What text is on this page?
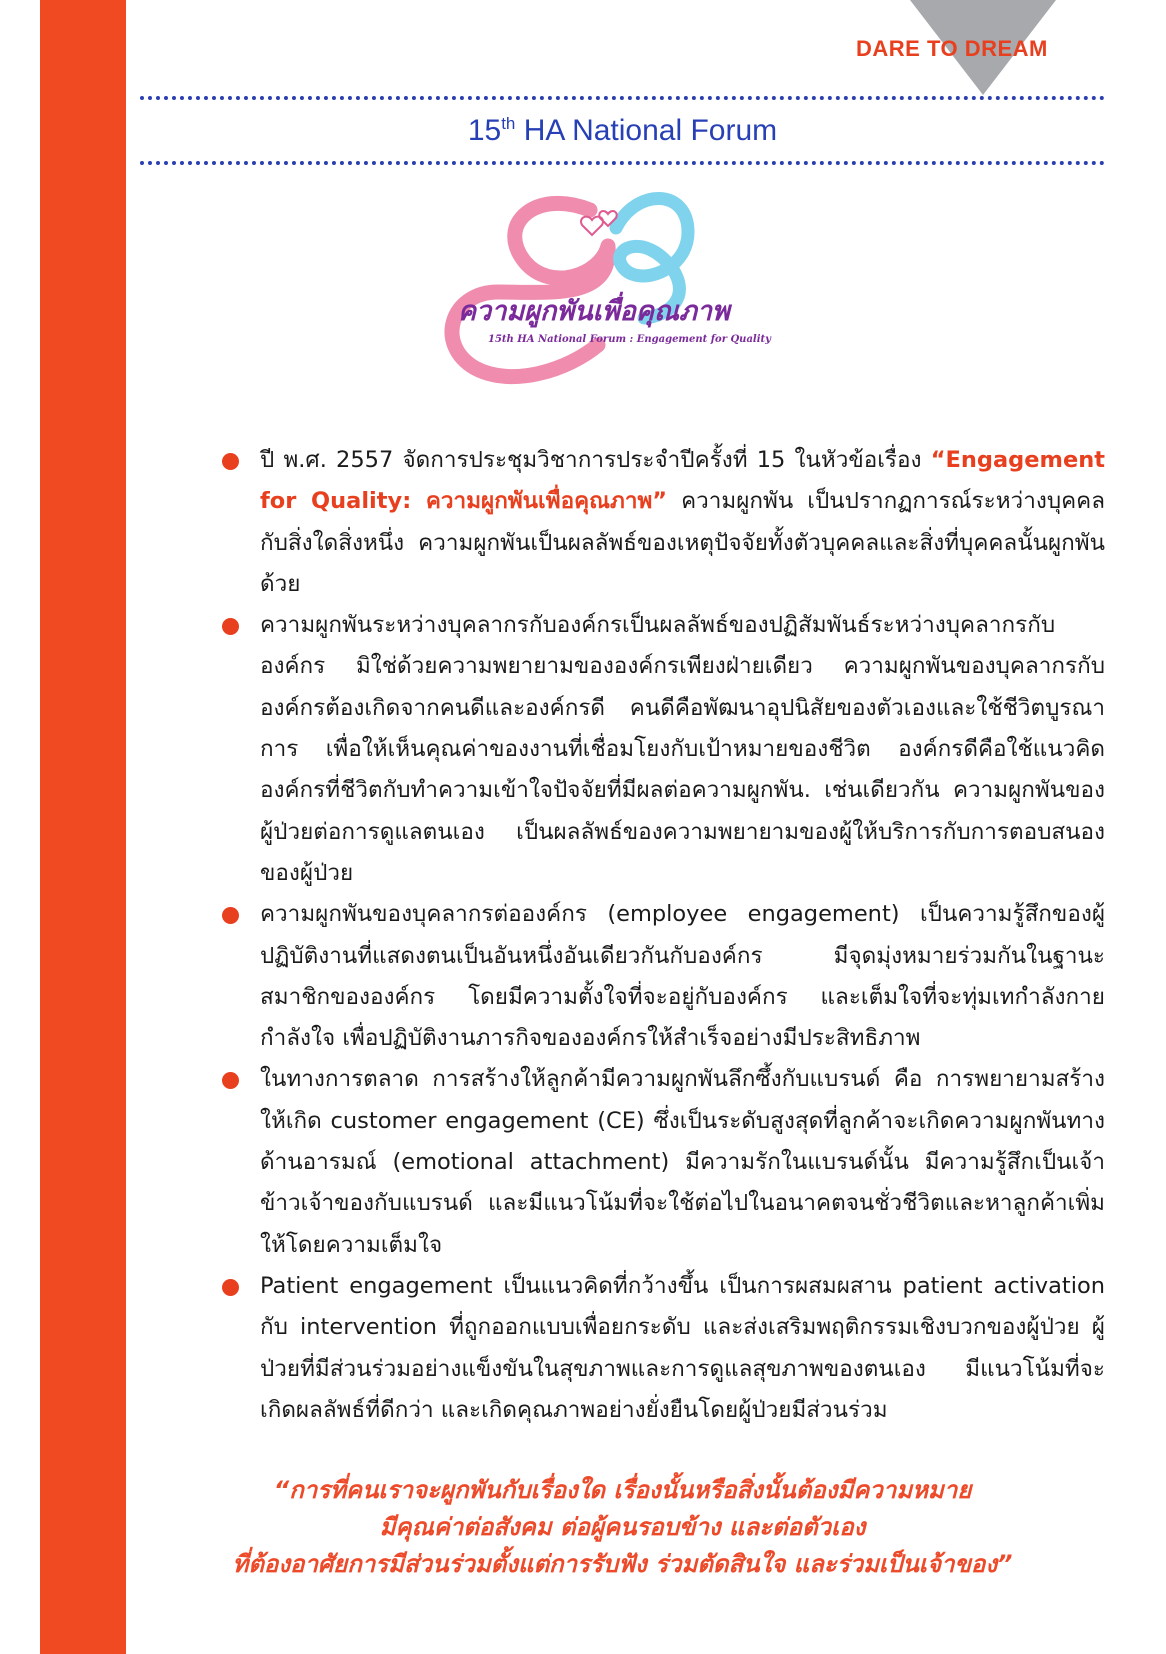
DARE TO DREAM
15th HA National Forum
ความผูกพันเพื่อคุณภาพ
15th HA National Forum : Engagement for Quality
ปี พ.ศ. 2557 จัดการประชุมวิชาการประจำปีครั้งที่ 15 ในหัวข้อเรื่อง “Engagement for Quality: ความผูกพันเพื่อคุณภาพ” ความผูกพัน เป็นปรากฏการณ์ระหว่างบุคคลกับสิ่งใดสิ่งหนึ่ง ความผูกพันเป็นผลลัพธ์ของเหตุปัจจัยทั้งตัวบุคคลและสิ่งที่บุคคลนั้นผูกพันด้วย
ความผูกพันระหว่างบุคลากรกับองค์กรเป็นผลลัพธ์ของปฏิสัมพันธ์ระหว่างบุคลากรกับองค์กร มิใช่ด้วยความพยายามขององค์กรเพียงฝ่ายเดียว ความผูกพันของบุคลากรกับองค์กรต้องเกิดจากคนดีและองค์กรดี คนดีคือพัฒนาอุปนิสัยของตัวเองและใช้ชีวิตบูรณาการ เพื่อให้เห็นคุณค่าของงานที่เชื่อมโยงกับเป้าหมายของชีวิต องค์กรดีคือใช้แนวคิดองค์กรที่ชีวิตกับทำความเข้าใจปัจจัยที่มีผลต่อความผูกพัน. เช่นเดียวกัน ความผูกพันของผู้ป่วยต่อการดูแลตนเอง เป็นผลลัพธ์ของความพยายามของผู้ให้บริการกับการตอบสนองของผู้ป่วย
ความผูกพันของบุคลากรต่อองค์กร (employee engagement) เป็นความรู้สึกของผู้ปฏิบัติงานที่แสดงตนเป็นอันหนึ่งอันเดียวกันกับองค์กร มีจุดมุ่งหมายร่วมกันในฐานะสมาชิกขององค์กร โดยมีความตั้งใจที่จะอยู่กับองค์กร และเต็มใจที่จะทุ่มเทกำลังกาย กำลังใจ เพื่อปฏิบัติงานภารกิจขององค์กรให้สำเร็จอย่างมีประสิทธิภาพ
ในทางการตลาด การสร้างให้ลูกค้ามีความผูกพันลึกซึ้งกับแบรนด์ คือ การพยายามสร้างให้เกิด customer engagement (CE) ซึ่งเป็นระดับสูงสุดที่ลูกค้าจะเกิดความผูกพันทางด้านอารมณ์ (emotional attachment) มีความรักในแบรนด์นั้น มีความรู้สึกเป็นเจ้าข้าวเจ้าของกับแบรนด์ และมีแนวโน้มที่จะใช้ต่อไปในอนาคตจนชั่วชีวิตและหาลูกค้าเพิ่มให้โดยความเต็มใจ
Patient engagement เป็นแนวคิดที่กว้างขึ้น เป็นการผสมผสาน patient activation กับ intervention ที่ถูกออกแบบเพื่อยกระดับ และส่งเสริมพฤติกรรมเชิงบวกของผู้ป่วย ผู้ป่วยที่มีส่วนร่วมอย่างแข็งขันในสุขภาพและการดูแลสุขภาพของตนเอง มีแนวโน้มที่จะเกิดผลลัพธ์ที่ดีกว่า และเกิดคุณภาพอย่างยั่งยืนโดยผู้ป่วยมีส่วนร่วม
“การที่คนเราจะผูกพันกับเรื่องใด เรื่องนั้นหรือสิ่งนั้นต้องมีความหมาย
มีคุณค่าต่อสังคม ต่อผู้คนรอบข้าง และต่อตัวเอง
ที่ต้องอาศัยการมีส่วนร่วมตั้งแต่การรับฟัง ร่วมตัดสินใจ และร่วมเป็นเจ้าของ”
